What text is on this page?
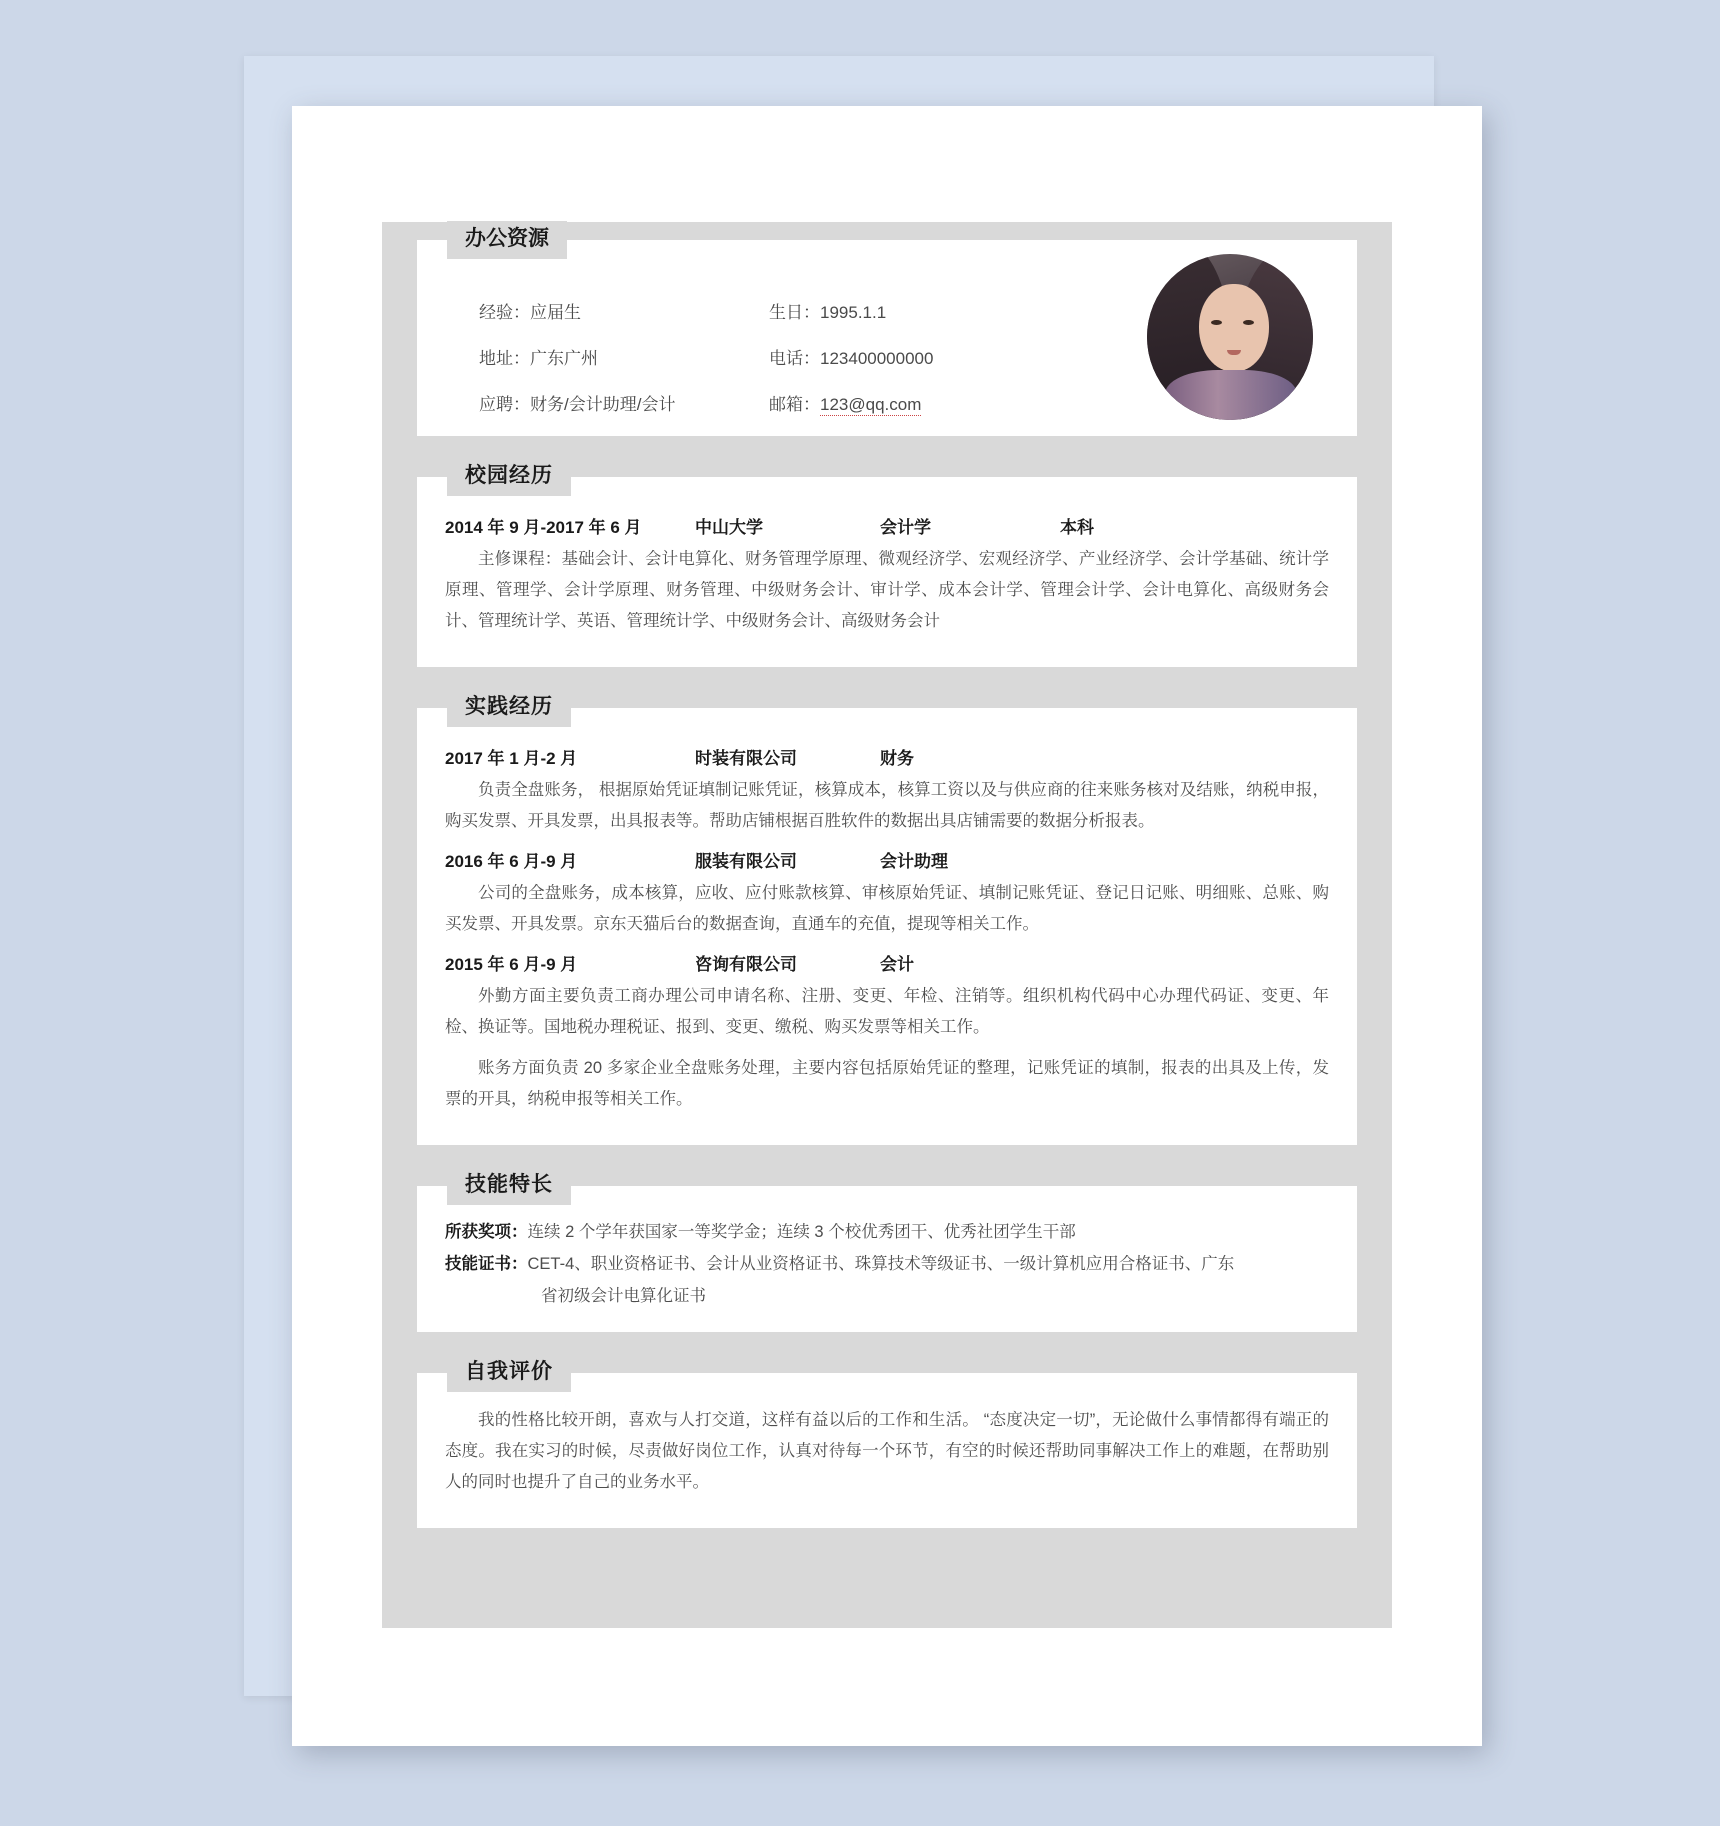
办公资源
经验：应届生	生日：1995.1.1
地址：广东广州	电话：123400000000
应聘：财务/会计助理/会计	邮箱：123@qq.com
校园经历
2014 年 9 月-2017 年 6 月	中山大学	会计学	本科

主修课程：基础会计、会计电算化、财务管理学原理、微观经济学、宏观经济学、产业经济学、会计学基础、统计学原理、管理学、会计学原理、财务管理、中级财务会计、审计学、成本会计学、管理会计学、会计电算化、高级财务会计、管理统计学、英语、管理统计学、中级财务会计、高级财务会计

实践经历
2017 年 1 月-2 月	时装有限公司	财务

负责全盘账务， 根据原始凭证填制记账凭证，核算成本，核算工资以及与供应商的往来账务核对及结账，纳税申报，购买发票、开具发票，出具报表等。帮助店铺根据百胜软件的数据出具店铺需要的数据分析报表。

2016 年 6 月-9 月	服装有限公司	会计助理

公司的全盘账务，成本核算，应收、应付账款核算、审核原始凭证、填制记账凭证、登记日记账、明细账、总账、购买发票、开具发票。京东天猫后台的数据查询，直通车的充值，提现等相关工作。

2015 年 6 月-9 月	咨询有限公司	会计

外勤方面主要负责工商办理公司申请名称、注册、变更、年检、注销等。组织机构代码中心办理代码证、变更、年检、换证等。国地税办理税证、报到、变更、缴税、购买发票等相关工作。

账务方面负责 20 多家企业全盘账务处理，主要内容包括原始凭证的整理，记账凭证的填制，报表的出具及上传，发票的开具，纳税申报等相关工作。

技能特长
所获奖项： 连续 2 个学年获国家一等奖学金；连续 3 个校优秀团干、优秀社团学生干部
技能证书： CET-4、职业资格证书、会计从业资格证书、珠算技术等级证书、一级计算机应用合格证书、广东
省初级会计电算化证书
自我评价

我的性格比较开朗，喜欢与人打交道，这样有益以后的工作和生活。 “态度决定一切”，无论做什么事情都得有端正的态度。我在实习的时候，尽责做好岗位工作，认真对待每一个环节，有空的时候还帮助同事解决工作上的难题，在帮助别人的同时也提升了自己的业务水平。
